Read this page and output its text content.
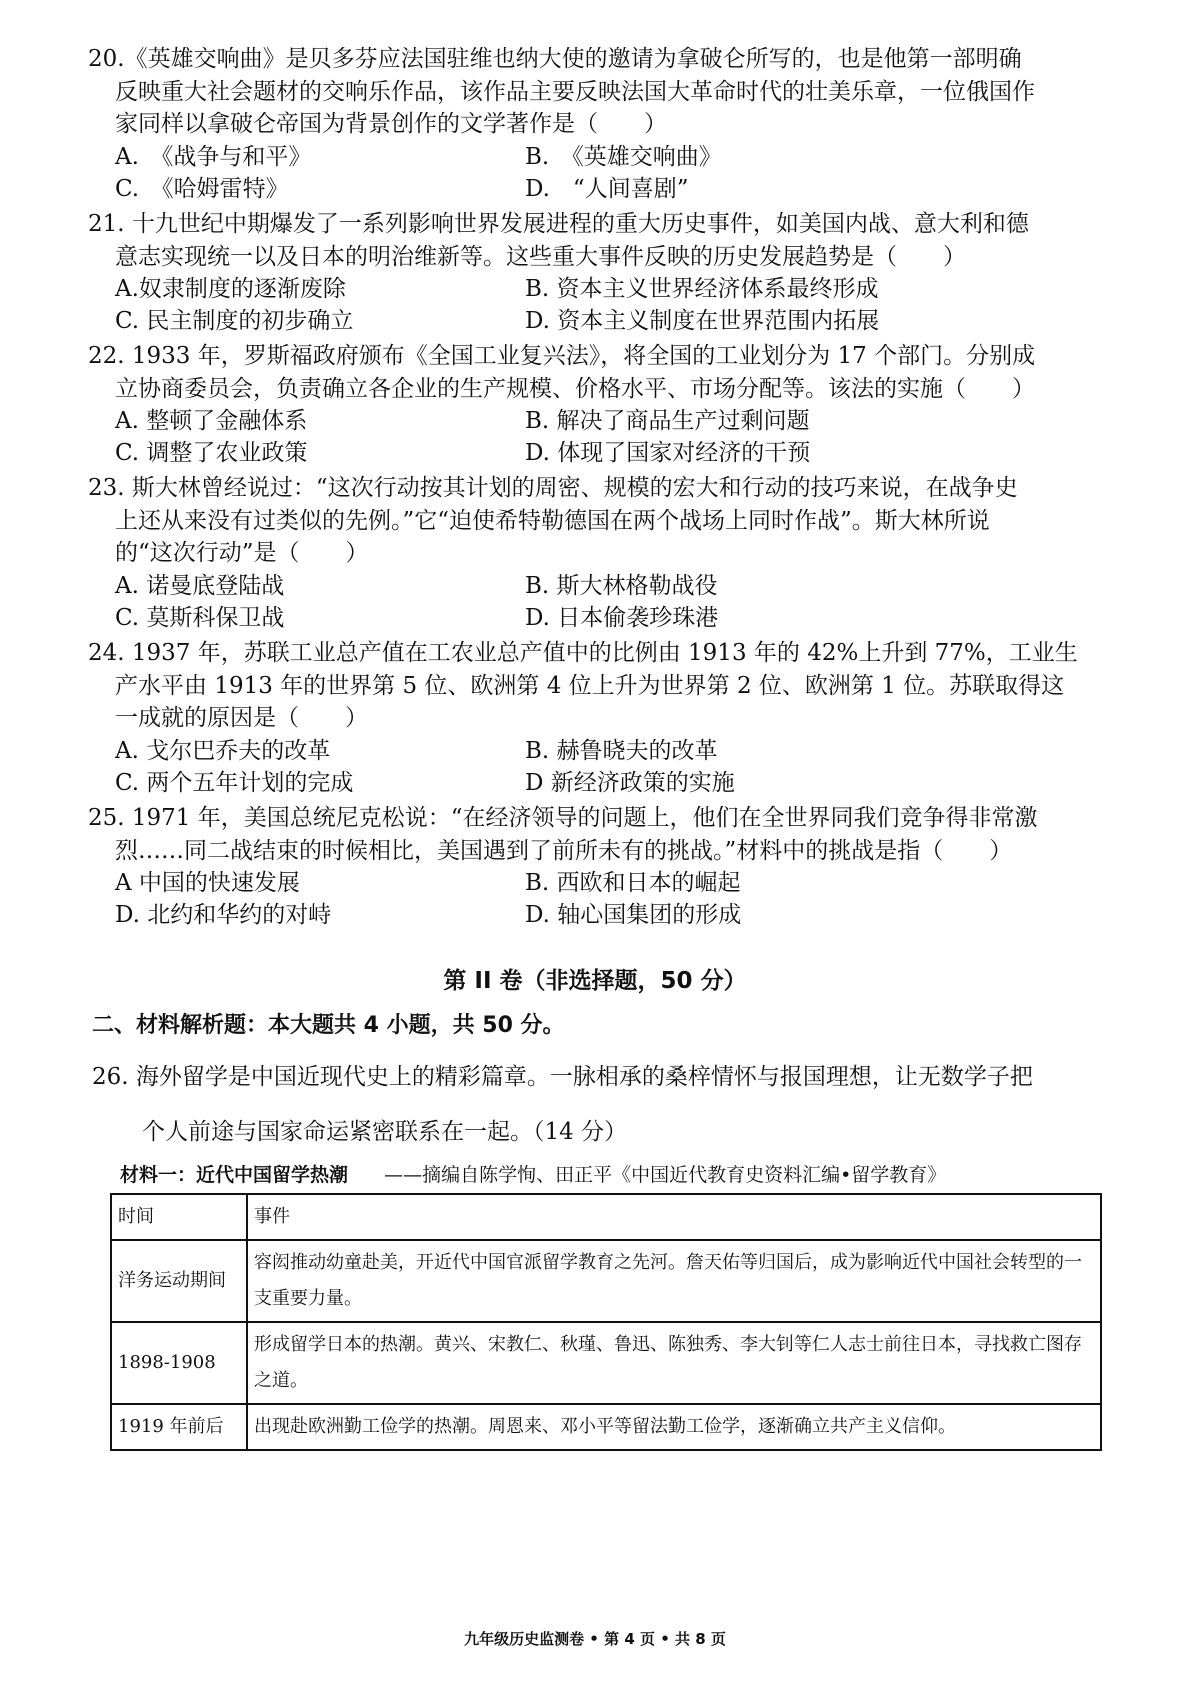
20.《英雄交响曲》是贝多芬应法国驻维也纳大使的邀请为拿破仑所写的，也是他第一部明确
反映重大社会题材的交响乐作品，该作品主要反映法国大革命时代的壮美乐章，一位俄国作
家同样以拿破仑帝国为背景创作的文学著作是（　　）
A.　《战争与和平》	B.　《英雄交响曲》
C.　《哈姆雷特》	D.　“人间喜剧”
21. 十九世纪中期爆发了一系列影响世界发展进程的重大历史事件，如美国内战、意大利和德
意志实现统一以及日本的明治维新等。这些重大事件反映的历史发展趋势是（　　）
A.奴隶制度的逐渐废除	B. 资本主义世界经济体系最终形成
C. 民主制度的初步确立	D. 资本主义制度在世界范围内拓展
22. 1933 年，罗斯福政府颁布《全国工业复兴法》，将全国的工业划分为 17 个部门。分别成
立协商委员会，负责确立各企业的生产规模、价格水平、市场分配等。该法的实施（　　）
A. 整顿了金融体系	B. 解决了商品生产过剩问题
C. 调整了农业政策	D. 体现了国家对经济的干预
23. 斯大林曾经说过：“这次行动按其计划的周密、规模的宏大和行动的技巧来说，在战争史
上还从来没有过类似的先例。”它“迫使希特勒德国在两个战场上同时作战”。斯大林所说
的“这次行动”是（　　）
A. 诺曼底登陆战	B. 斯大林格勒战役
C. 莫斯科保卫战	D. 日本偷袭珍珠港
24. 1937 年，苏联工业总产值在工农业总产值中的比例由 1913 年的 42%上升到 77%，工业生
产水平由 1913 年的世界第 5 位、欧洲第 4 位上升为世界第 2 位、欧洲第 1 位。苏联取得这
一成就的原因是（　　）
A. 戈尔巴乔夫的改革	B. 赫鲁晓夫的改革
C. 两个五年计划的完成	D 新经济政策的实施
25. 1971 年，美国总统尼克松说：“在经济领导的问题上，他们在全世界同我们竞争得非常激
烈……同二战结束的时候相比，美国遇到了前所未有的挑战。”材料中的挑战是指（　　）
A 中国的快速发展	B. 西欧和日本的崛起
D. 北约和华约的对峙	D. 轴心国集团的形成
第 II 卷（非选择题，50 分）
二、材料解析题：本大题共 4 小题，共 50 分。
26. 海外留学是中国近现代史上的精彩篇章。一脉相承的桑梓情怀与报国理想，让无数学子把
个人前途与国家命运紧密联系在一起。（14 分）
材料一：近代中国留学热潮 ——摘编自陈学恂、田正平《中国近代教育史资料汇编•留学教育》
时间	事件
洋务运动期间	容闳推动幼童赴美，开近代中国官派留学教育之先河。詹天佑等归国后，成为影响近代中国社会转型的一支重要力量。
1898-1908	形成留学日本的热潮。黄兴、宋教仁、秋瑾、鲁迅、陈独秀、李大钊等仁人志士前往日本，寻找救亡图存之道。
1919 年前后	出现赴欧洲勤工俭学的热潮。周恩来、邓小平等留法勤工俭学，逐渐确立共产主义信仰。
九年级历史监测卷 • 第 4 页 • 共 8 页
